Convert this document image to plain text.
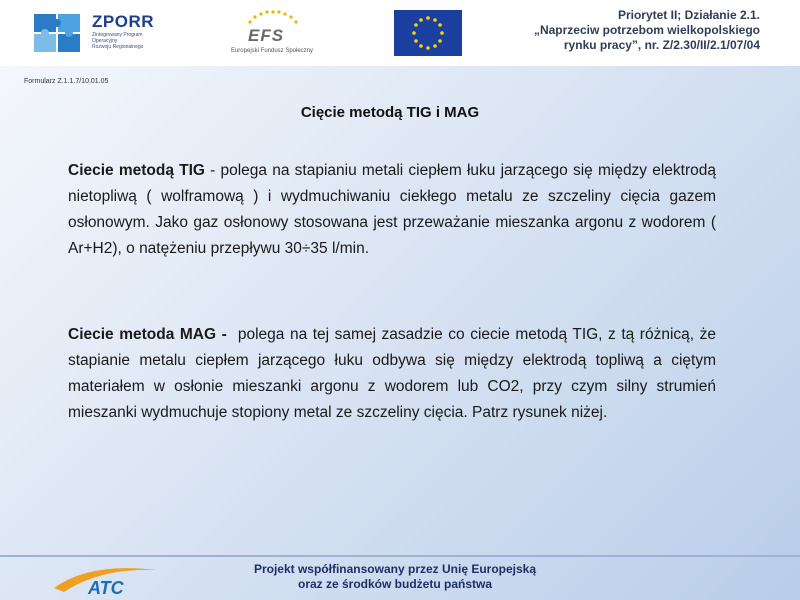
ZPORR
Zintegrowany Program
Operacyjny
Rozwoju Regionalnego
EFS
Europejski Fundusz Społeczny
Priorytet II; Działanie 2.1.
„Naprzeciw potrzebom wielkopolskiego
rynku pracy”, nr. Z/2.30/II/2.1/07/04
Formularz Z.1.1.7/10.01.05
Cięcie metodą TIG i MAG
Ciecie metodą TIG - polega na stapianiu metali ciepłem łuku jarzącego się między elektrodą nietopliwą ( wolframową ) i wydmuchiwaniu ciekłego metalu ze szczeliny cięcia gazem osłonowym. Jako gaz osłonowy stosowana jest przeważanie mieszanka argonu z wodorem ( Ar+H2), o natężeniu przepływu 30÷35 l/min.
Ciecie metoda MAG -  polega na tej samej zasadzie co ciecie metodą TIG, z tą różnicą, że stapianie metalu ciepłem jarzącego łuku odbywa się między elektrodą topliwą a ciętym materiałem w osłonie mieszanki argonu z wodorem lub CO2, przy czym silny strumień mieszanki wydmuchuje stopiony metal ze szczeliny cięcia. Patrz rysunek niżej.
ATC
Projekt współfinansowany przez Unię Europejską
oraz ze środków budżetu państwa
